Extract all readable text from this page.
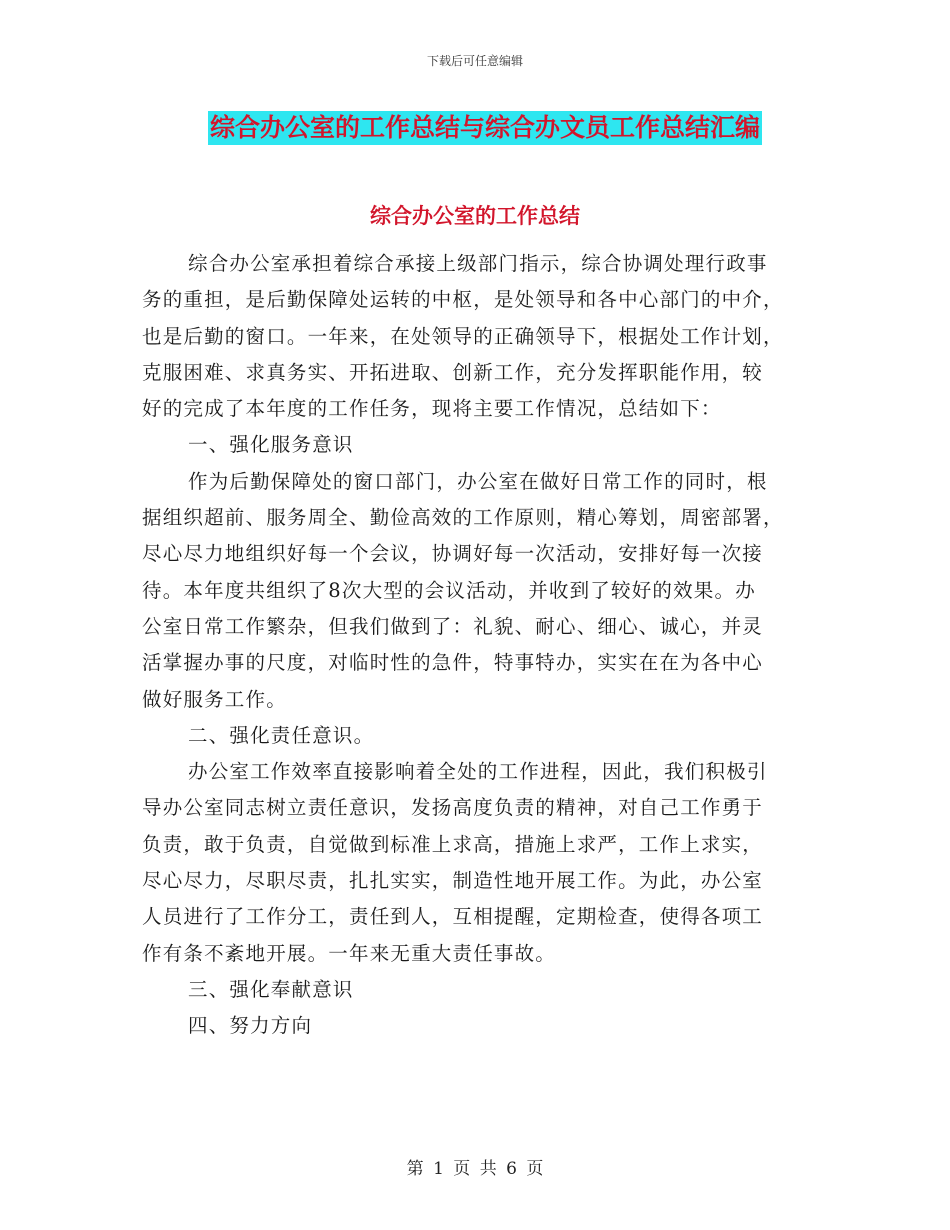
下载后可任意编辑
综合办公室的工作总结与综合办文员工作总结汇编
综合办公室的工作总结
综合办公室承担着综合承接上级部门指示，综合协调处理行政事
务的重担，是后勤保障处运转的中枢，是处领导和各中心部门的中介，
也是后勤的窗口。一年来，在处领导的正确领导下，根据处工作计划，
克服困难、求真务实、开拓进取、创新工作，充分发挥职能作用，较
好的完成了本年度的工作任务，现将主要工作情况，总结如下：
一、强化服务意识
作为后勤保障处的窗口部门，办公室在做好日常工作的同时，根
据组织超前、服务周全、勤俭高效的工作原则，精心筹划，周密部署，
尽心尽力地组织好每一个会议，协调好每一次活动，安排好每一次接
待。本年度共组织了8次大型的会议活动，并收到了较好的效果。办
公室日常工作繁杂，但我们做到了：礼貌、耐心、细心、诚心，并灵
活掌握办事的尺度，对临时性的急件，特事特办，实实在在为各中心
做好服务工作。
二、强化责任意识。
办公室工作效率直接影响着全处的工作进程，因此，我们积极引
导办公室同志树立责任意识，发扬高度负责的精神，对自己工作勇于
负责，敢于负责，自觉做到标准上求高，措施上求严，工作上求实，
尽心尽力，尽职尽责，扎扎实实，制造性地开展工作。为此，办公室
人员进行了工作分工，责任到人，互相提醒，定期检查，使得各项工
作有条不紊地开展。一年来无重大责任事故。
三、强化奉献意识
四、努力方向
第 1 页 共 6 页
